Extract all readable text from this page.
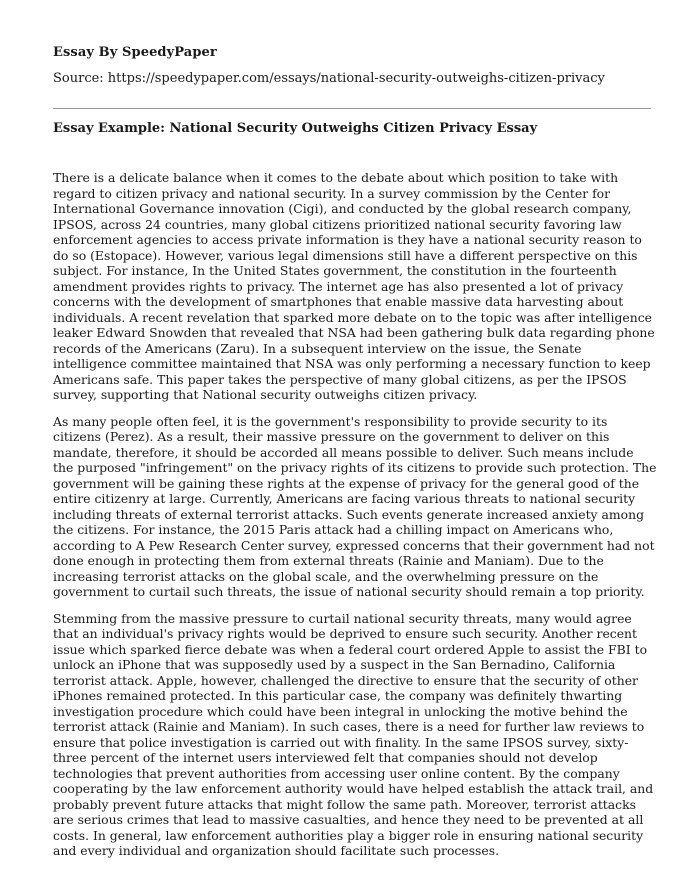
Essay By SpeedyPaper
Source: https://speedypaper.com/essays/national-security-outweighs-citizen-privacy
Essay Example: National Security Outweighs Citizen Privacy Essay

There is a delicate balance when it comes to the debate about which position to take with regard to citizen privacy and national security. In a survey commission by the Center for International Governance innovation (Cigi), and conducted by the global research company, IPSOS, across 24 countries, many global citizens prioritized national security favoring law enforcement agencies to access private information is they have a national security reason to do so (Estopace). However, various legal dimensions still have a different perspective on this subject. For instance, In the United States government, the constitution in the fourteenth amendment provides rights to privacy. The internet age has also presented a lot of privacy concerns with the development of smartphones that enable massive data harvesting about individuals. A recent revelation that sparked more debate on to the topic was after intelligence leaker Edward Snowden that revealed that NSA had been gathering bulk data regarding phone records of the Americans (Zaru). In a subsequent interview on the issue, the Senate intelligence committee maintained that NSA was only performing a necessary function to keep Americans safe. This paper takes the perspective of many global citizens, as per the IPSOS survey, supporting that National security outweighs citizen privacy.

As many people often feel, it is the government's responsibility to provide security to its citizens (Perez). As a result, their massive pressure on the government to deliver on this mandate, therefore, it should be accorded all means possible to deliver. Such means include the purposed "infringement" on the privacy rights of its citizens to provide such protection. The government will be gaining these rights at the expense of privacy for the general good of the entire citizenry at large. Currently, Americans are facing various threats to national security including threats of external terrorist attacks. Such events generate increased anxiety among the citizens. For instance, the 2015 Paris attack had a chilling impact on Americans who, according to A Pew Research Center survey, expressed concerns that their government had not done enough in protecting them from external threats (Rainie and Maniam). Due to the increasing terrorist attacks on the global scale, and the overwhelming pressure on the government to curtail such threats, the issue of national security should remain a top priority.

Stemming from the massive pressure to curtail national security threats, many would agree that an individual's privacy rights would be deprived to ensure such security. Another recent issue which sparked fierce debate was when a federal court ordered Apple to assist the FBI to unlock an iPhone that was supposedly used by a suspect in the San Bernadino, California terrorist attack. Apple, however, challenged the directive to ensure that the security of other iPhones remained protected. In this particular case, the company was definitely thwarting investigation procedure which could have been integral in unlocking the motive behind the terrorist attack (Rainie and Maniam). In such cases, there is a need for further law reviews to ensure that police investigation is carried out with finality. In the same IPSOS survey, sixty-three percent of the internet users interviewed felt that companies should not develop technologies that prevent authorities from accessing user online content. By the company cooperating by the law enforcement authority would have helped establish the attack trail, and probably prevent future attacks that might follow the same path. Moreover, terrorist attacks are serious crimes that lead to massive casualties, and hence they need to be prevented at all costs. In general, law enforcement authorities play a bigger role in ensuring national security and every individual and organization should facilitate such processes.
